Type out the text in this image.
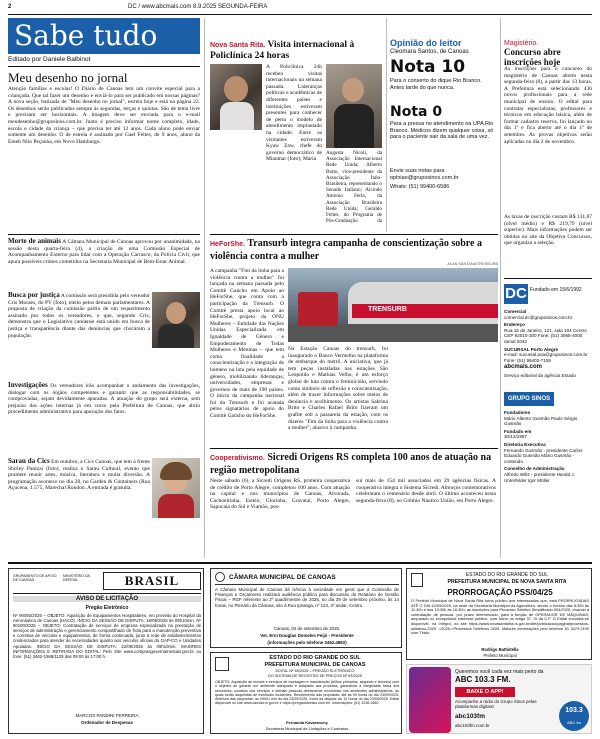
2	DC / www.abcmais.com 8.9.2025 SEGUNDA-FEIRA
Sabe tudo
Editado por Daniele Balbinot
Meu desenho no jornal
Atenção famílias e escolas! O Diário de Canoas tem um convite especial para a criançada. Que tal fazer um desenho e enviá-lo para ser publicado em nossas páginas? A nova seção, batizada de "Meu desenho no jornal", estreia hoje e está na página 22. Os desenhos serão publicados sempre às segundas, terças e quintas. São de tema livre e precisam ser horizontais. A imagem deve ser enviada para o e-mail meudesenho@gruposinos.com.br. Junto é preciso informar nome completo, idade, escola e cidade da criança – que precisa ter até 12 anos. Cada aluno pode enviar somente um desenho. O de estreia é assinado por Gael Feltes, de 9 anos, aluno da Emeb Nilo Peçanha, em Novo Hamburgo.
Morte de animais A Câmara Municipal de Canoas aprovou por unanimidade, na sessão desta quarta-feira (4), a criação de uma Comissão Especial de Acompanhamento Externo para lidar com a Operação Carrasco, da Polícia Civil, que apura possíveis crimes cometidos na Secretaria Municipal de Bem-Estar Animal.
Busca por justiça A comissão será presidida pelo vereador Cris Moraes, do PV (foto), eleito pelos demais parlamentares. A proposta de criação da comissão partiu de um requerimento assinado por todos os vereadores, o que, segundo Cris, demonstra que o Legislativo canoense está unido em busca de justiça e transparência diante das denúncias que chocaram a população.
Investigações Os vereadores irão acompanhar o andamento das investigações, dialogar com os órgãos competentes e garantir que as responsabilidades, se comprovadas, sejam devidamente apuradas. A atuação do grupo será externa, sem prejuízo das ações internas já em curso pela Prefeitura de Canoas, que abriu procedimento administrativo para apuração dos fatos.
Sarau da Cics Em outubro, a Cics Canoas, que tem à frente Shirley Panizzi (foto), realiza o Sarau Cultural, evento que promete reunir artes, música, literatura e muita diversão. A programação acontece no dia 28, no Garden & Containers (Rua Açucena, 1.575, Marechal Rondon. A entrada é gratuita.
Nova Santa Rita. Visita internacional à Policlínica 24 horas
A Policlínica 24h recebeu visitas internacionais na semana passada. Lideranças políticas e acadêmicas de diferentes países e instituições estiveram presentes para conhecer de perto o modelo de atendimento implantado na cidade. Entre os visitantes estiveram Kyaw Zaw, chefe do governo democrático de Mianmar (foto); Maria
Augusta Nicoli, da Associação Internacional Rede Unida; Alberto Botto, vice-presidente da Associação Ítalo-Brasileira, representando o Senado Italiano; Alcindo Antonio Ferla, da Associação Brasileira Rede Unida; Geraldo Feltes, do Programa de Pós-Graduação da
Opinião do leitor
Cleomara Santos, de Canoas
Nota 10
Para o conserto do dique Rio Branco. Antes tarde do que nunca.
Nota 0
Para a pressa no atendimento na UPA Rio Branco. Médicos dizem qualquer coisa, só para o paciente sair da sala de uma vez.
Envie suas notas para opiniao@gruposinos.com.br
Whats: (51) 99400-6586
Magistério.
Concurso abre inscrições hoje
As inscrições para o concurso do magistério de Canoas abrem nesta segunda-feira (8), a partir das 13 horas. A Prefeitura está selecionando 436 novos profissionais para a rede municipal de ensino. O edital para contratar especialistas, professores e técnicos em educação básica, além de formar cadastro reserva, foi lançado no dia 1º e fica aberto até o dia 1º de setembro. As provas objetivas serão aplicadas no dia 2 de novembro.
As taxas de inscrição custam R$ 131,87 (nível médio) e R$ 219,79 (nível superior). Mais informações podem ser obtidas no site da Objetiva Concursos, que organiza a seleção.
DC Fundado em 15/6/1992
Comercial
comercial.dc@gruposinos.com.br
Endereço
Rua 15 de Janeiro, 121, sala 104 Centro CEP 92010-300 Fone: (51) 3065-4000 ramal 2042
SUCURSAL Porto Alegre
e-mail: sucursal.poa@gruposinos.com.br Fone: (51) 99402-7159
abcmais.com
Serviço editorial da agência Estado
GRUPO SINOS
Fundadores
Mário Alberto Gusmão Paulo Sérgio Gusmão
Fundado em
30/12/1957
Diretoria Executiva
Fernando Gusmão - presidente Carlos Eduardo Gusmão Mário Gusmão - conteúdo
Conselho de Administração
Alfredo Wiltz - presidente Harald J. Unterfelder Igor Müller
HeForShe. Transurb integra campanha de conscientização sobre a violência contra a mulher
ALAN SANTANA/TRENSURB
A campanha "Fim da linha para a violência contra a mulher" foi lançada na semana passada pelo Comitê Gaúcho em Apoio ao HeForShe, que conta com a participação da Trensurb. O Comitê presta apoio local ao HeForShe, projeto da ONU Mulheres – Entidade das Nações Unidas Especializada em Igualdade de Gênero e Empoderamento de Todas Mulheres e Meninas – que tem como finalidade a conscientização e a integração de homens na luta pela equidade de gênero, mobilizando lideranças, universidades, empresas e governos de mais de 190 países. O início da campanha nacional foi da Trensurb e foi acatada pelos signatários de apoio do Comitê Gaúcho do HeForShe.
TRENSURB
Na Estação Canoas do trensurb, foi inaugurado o Banco Vermelho na plataforma de embarque do metrô. A iniciativa, que já tem peças instaladas nas estações São Leopoldo e Mathias Velho, é um esforço global de luta contra o feminicídio, servindo como símbolo de reflexão e conscientização, além de trazer informações sobre meios de denúncia e acolhimento. Os artistas Sabrina Brito e Charles Rafael Brito fizeram um grafite sob a passarela da estação, com os dizeres "Fim da linha para a violência contra a mulher", alusivo à campanha.
Cooperativismo. Sicredi Origens RS completa 100 anos de atuação na região metropolitana
Neste sábado (6), a Sicredi Origens RS, primeira cooperativa de crédito de Porto Alegre, completou 100 anos. Com atuação na capital e nos municípios de Canoas, Alvorada, Cachoeirinha, Esteio, Glorinha, Gravataí, Porto Alegre, Sapucaia do Sul e Viamão, pos-
sui mais de 154 mil associados em 29 agências físicas. A cooperativa integra o Sistema Sicredi. Almoços comemorativos celebraram o centenário desde abril. O último aconteceu nesta segunda-feira (8), no Grêmio Náutico União, em Porto Alegre.
GRUPAMENTO DE APOIO DE CANOAS
MINISTÉRIO DA DEFESA	BRASIL
AVISO DE LICITAÇÃO
Pregão Eletrônico
Nº 90093/2025 – OBJETO: Aquisição de Equipamentos Hospitalares, em proveito do Hospital da Aeronáutica de Canoas (HACO). INÍCIO DA SESSÃO DE DISPUTA: 18/09/2025 às 09h10min. Nº 90100/2025 – OBJETO: Contratação de serviços de empresa especializada na prestação de serviços de administração e gerenciamento compartilhado de frota para a manutenção preventiva e corretiva de veículos e equipamentos, de forma continuada, junto à rede de estabelecimentos credenciados para atender às necessidades quanto aos veículos oficiais do GAP-CO e Unidades Apoiadas. INÍCIO DA SESSÃO DE DISPUTA: 22/09/2025 às 09h10min. MAIORES INFORMAÇÕES E RETIRADA DO EDITAL: Pelo Site www.comprasgovernamentais.gov.br ou fone: (51) 3462-1568/1129 das 09:00 às 17:00 h.
MARCOS PANDINI FERREIRA
Ordenador de Despesas
CÂMARA MUNICIPAL DE CANOAS
A Câmara Municipal de Canoas dá ciência à sociedade em geral que a Comissão de Finanças e Orçamento realizará audiência pública para discussão do Relatório de Gestão Fiscal – RGF referente ao 2º quadrimestre de 2025, no dia 29 de setembro próximo, às 14 horas, no Plenário da Câmara, sito à Rua Ipiranga, nº 123, 3º andar, Centro.
Canoas, 04 de setembro de 2025.
Ver. Erni Douglas Domeles Feijó - Presidente
(informações pelo telefone 3462.4892)
ESTADO DO RIO GRANDE DO SUL
PREFEITURA MUNICIPAL DE CANOAS
EDITAL Nº 69/2025 – PREGÃO ELETRÔNICO
DO SISTEMA DE REGISTRO DE PREÇOS Nº 93/2025
OBJETO: Aquisição de móveis e serviços de montagem e manutenção (trilhos primários, segundo e terceiro) com o objetivo de garantir um ambiente adequado e adaptado aos produtos, garantindo a integridade física dos servidores, usuários dos serviços e demais pessoas diretamente envolvidas nos ambientes administrativos, as quais serão adquiridas de eventuais incidentes. Recebimento das propostas: até às 09 horas do dia 23/09/2025. Abertura das propostas: às 09h01 min do dia 23/09/2025. Início da disputa: às 10 horas do dia 23/09/2025. Edital disponível no site www.canoas.rs.gov.br e https://pregaobanrisul.com.br/. Informações: (51) 3236.1660.
Fernanda Kavaranchy
Secretária Municipal de Licitações e Contratos
ESTADO DO RIO GRANDE DO SUL
PREFEITURA MUNICIPAL DE NOVA SANTA RITA
PRORROGAÇÃO PSS/04/25
O Prefeito Municipal de Nova Santa Rita torna público aos interessados que, está PRORROGADAS ATÉ O DIA 12/09/2025, na sede da Secretaria Municipal da Agricultura, dentro o horário das 8:30h às 11:30h e das 13:30h às 16:30h, as inscrições para Processo Seletivo Simplificado 004/2025, visando à contratação de pessoal, por prazo determinado, para a função de OPERADOR DE MÁQUINAS, amparado no excepcional interesse público, com fulcro no artigo 37, IX da C.F. O Edital encontra-se disponível, na íntegra, no site https://www.novasantarita.rs.gov.br/site/publicacao/pagina/processos-seletivos-2025 ->2025->Processos Seletivos 2025. Maiores informações pelo telefone 51 3479.2190 com Thaís.
Rodrigo Battistella
Prefeito Municipal
Queremos você cada vez mais perto da
ABC 103.3 FM.
BAIXE O APP!
Acompanhe a rádio do Grupo Sinos pelas plataformas digitais!
abc103fm
abc103fm.com.br
103.3
ABC fm
